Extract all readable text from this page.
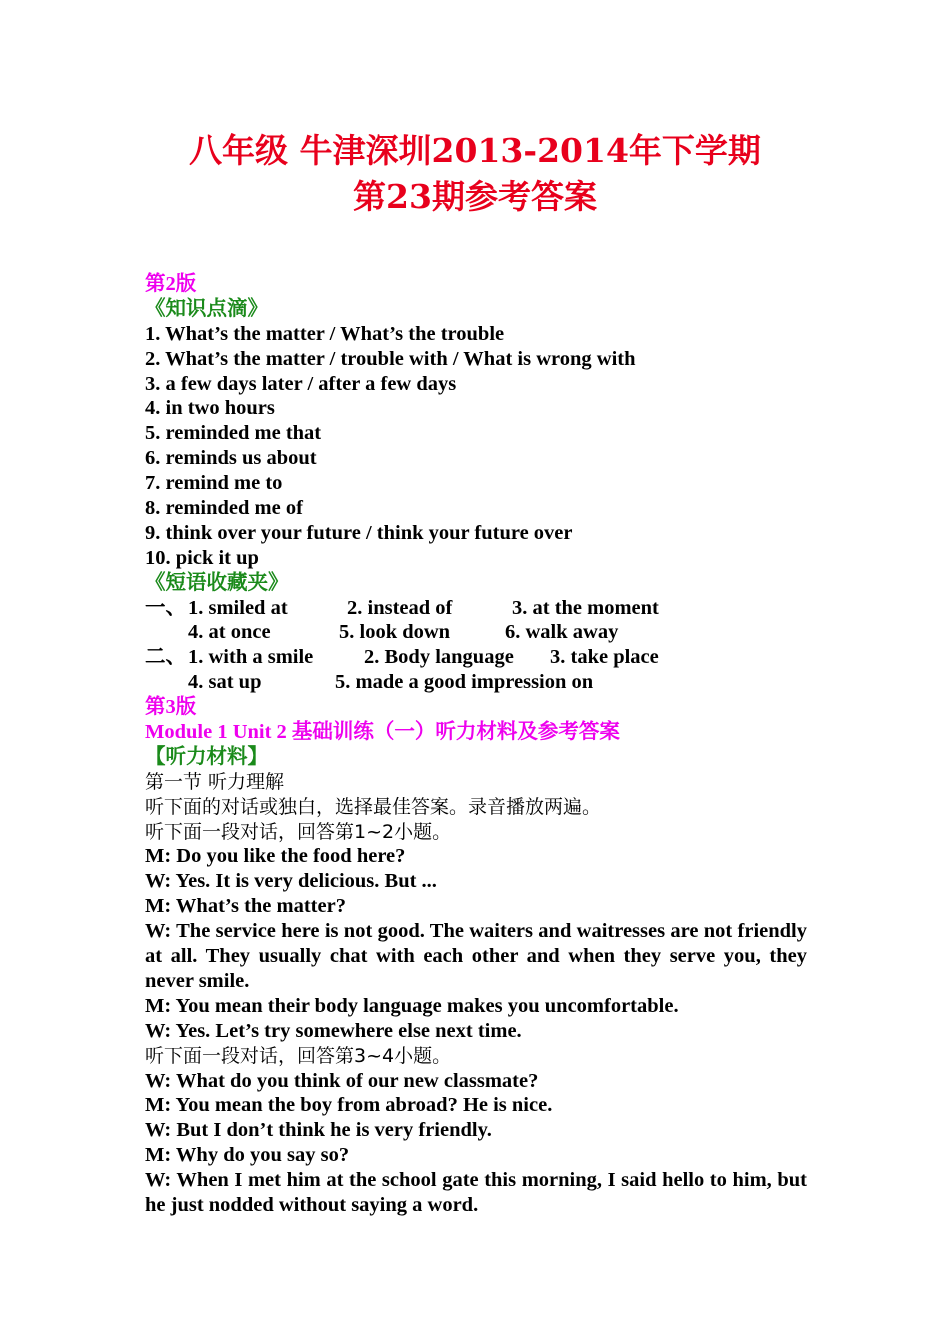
八年级 牛津深圳2013-2014年下学期
第23期参考答案
第2版
《知识点滴》
1. What’s the matter / What’s the trouble
2. What’s the matter / trouble with / What is wrong with
3. a few days later / after a few days
4. in two hours
5. reminded me that
6. reminds us about
7. remind me to
8. reminded me of
9. think over your future / think your future over
10. pick it up
《短语收藏夹》
一、1. smiled at	2. instead of	3. at the moment
4. at once	5. look down	6. walk away
二、1. with a smile 2. Body language 3. take place
4. sat up	5. made a good impression on
第3版
Module 1 Unit 2 基础训练（一）听力材料及参考答案
【听力材料】
第一节 听力理解
听下面的对话或独白，选择最佳答案。录音播放两遍。
听下面一段对话，回答第1~2小题。
M: Do you like the food here?
W: Yes. It is very delicious. But ...
M: What’s the matter?
W: The service here is not good. The waiters and waitresses are not friendly at all. They usually chat with each other and when they serve you, they never smile.
M: You mean their body language makes you uncomfortable.
W: Yes. Let’s try somewhere else next time.
听下面一段对话，回答第3~4小题。
W: What do you think of our new classmate?
M: You mean the boy from abroad? He is nice.
W: But I don’t think he is very friendly.
M: Why do you say so?
W: When I met him at the school gate this morning, I said hello to him, but he just nodded without saying a word.
